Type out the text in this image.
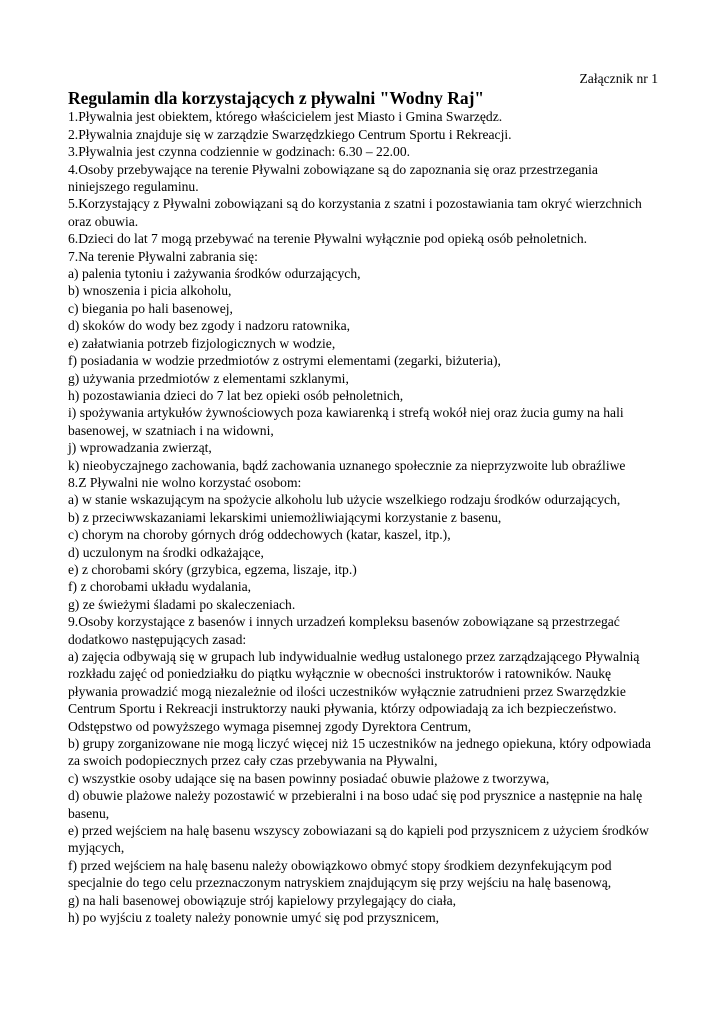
Załącznik nr 1

Regulamin dla korzystających z pływalni "Wodny Raj"

1.Pływalnia jest obiektem, którego właścicielem jest Miasto i Gmina Swarzędz.

2.Pływalnia znajduje się w zarządzie Swarzędzkiego Centrum Sportu i Rekreacji.

3.Pływalnia jest czynna codziennie w godzinach: 6.30 – 22.00.

4.Osoby przebywające na terenie Pływalni zobowiązane są do zapoznania się oraz przestrzegania niniejszego regulaminu.

5.Korzystający z Pływalni zobowiązani są do korzystania z szatni i pozostawiania tam okryć wierzchnich oraz obuwia.

6.Dzieci do lat 7 mogą przebywać na terenie Pływalni wyłącznie pod opieką osób pełnoletnich.

7.Na terenie Pływalni zabrania się:

a) palenia tytoniu i zażywania środków odurzających,

b) wnoszenia i picia alkoholu,

c) biegania po hali basenowej,

d) skoków do wody bez zgody i nadzoru ratownika,

e) załatwiania potrzeb fizjologicznych w wodzie,

f) posiadania w wodzie przedmiotów z ostrymi elementami (zegarki, biżuteria),

g) używania przedmiotów z elementami szklanymi,

h) pozostawiania dzieci do 7 lat bez opieki osób pełnoletnich,

i) spożywania artykułów żywnościowych poza kawiarenką i strefą wokół niej oraz żucia gumy na hali basenowej, w szatniach i na widowni,

j) wprowadzania zwierząt,

k) nieobyczajnego zachowania, bądź zachowania uznanego społecznie za nieprzyzwoite lub obraźliwe

8.Z Pływalni nie wolno korzystać osobom:

a) w stanie wskazującym na spożycie alkoholu lub użycie wszelkiego rodzaju środków odurzających,

b) z przeciwwskazaniami lekarskimi uniemożliwiającymi korzystanie z basenu,

c) chorym na choroby górnych dróg oddechowych (katar, kaszel, itp.),

d) uczulonym na środki odkażające,

e) z chorobami skóry (grzybica, egzema, liszaje, itp.)

f) z chorobami układu wydalania,

g) ze świeżymi śladami po skaleczeniach.

9.Osoby korzystające z basenów i innych urzadzeń kompleksu basenów zobowiązane są przestrzegać dodatkowo następujących zasad:

a) zajęcia odbywają się w grupach lub indywidualnie według ustalonego przez zarządzającego Pływalnią rozkładu zajęć od poniedziałku do piątku wyłącznie w obecności instruktorów i ratowników. Naukę pływania prowadzić mogą niezależnie od ilości uczestników wyłącznie zatrudnieni przez Swarzędzkie Centrum Sportu i Rekreacji instruktorzy nauki pływania, którzy odpowiadają za ich bezpieczeństwo. Odstępstwo od powyższego wymaga pisemnej zgody Dyrektora Centrum,

b) grupy zorganizowane nie mogą liczyć więcej niż 15 uczestników na jednego opiekuna, który odpowiada za swoich podopiecznych przez cały czas przebywania na Pływalni,

c) wszystkie osoby udające się na basen powinny posiadać obuwie plażowe z tworzywa,

d) obuwie plażowe należy pozostawić w przebieralni i na boso udać się pod prysznice a następnie na halę basenu,

e) przed wejściem na halę basenu wszyscy zobowiazani są do kąpieli pod przysznicem z użyciem środków myjących,

f) przed wejściem na halę basenu należy obowiązkowo obmyć stopy środkiem dezynfekującym pod specjalnie do tego celu przeznaczonym natryskiem znajdującym się przy wejściu na halę basenową,

g) na hali basenowej obowiązuje strój kapielowy przylegający do ciała,

h) po wyjściu z toalety należy ponownie umyć się pod przysznicem,
